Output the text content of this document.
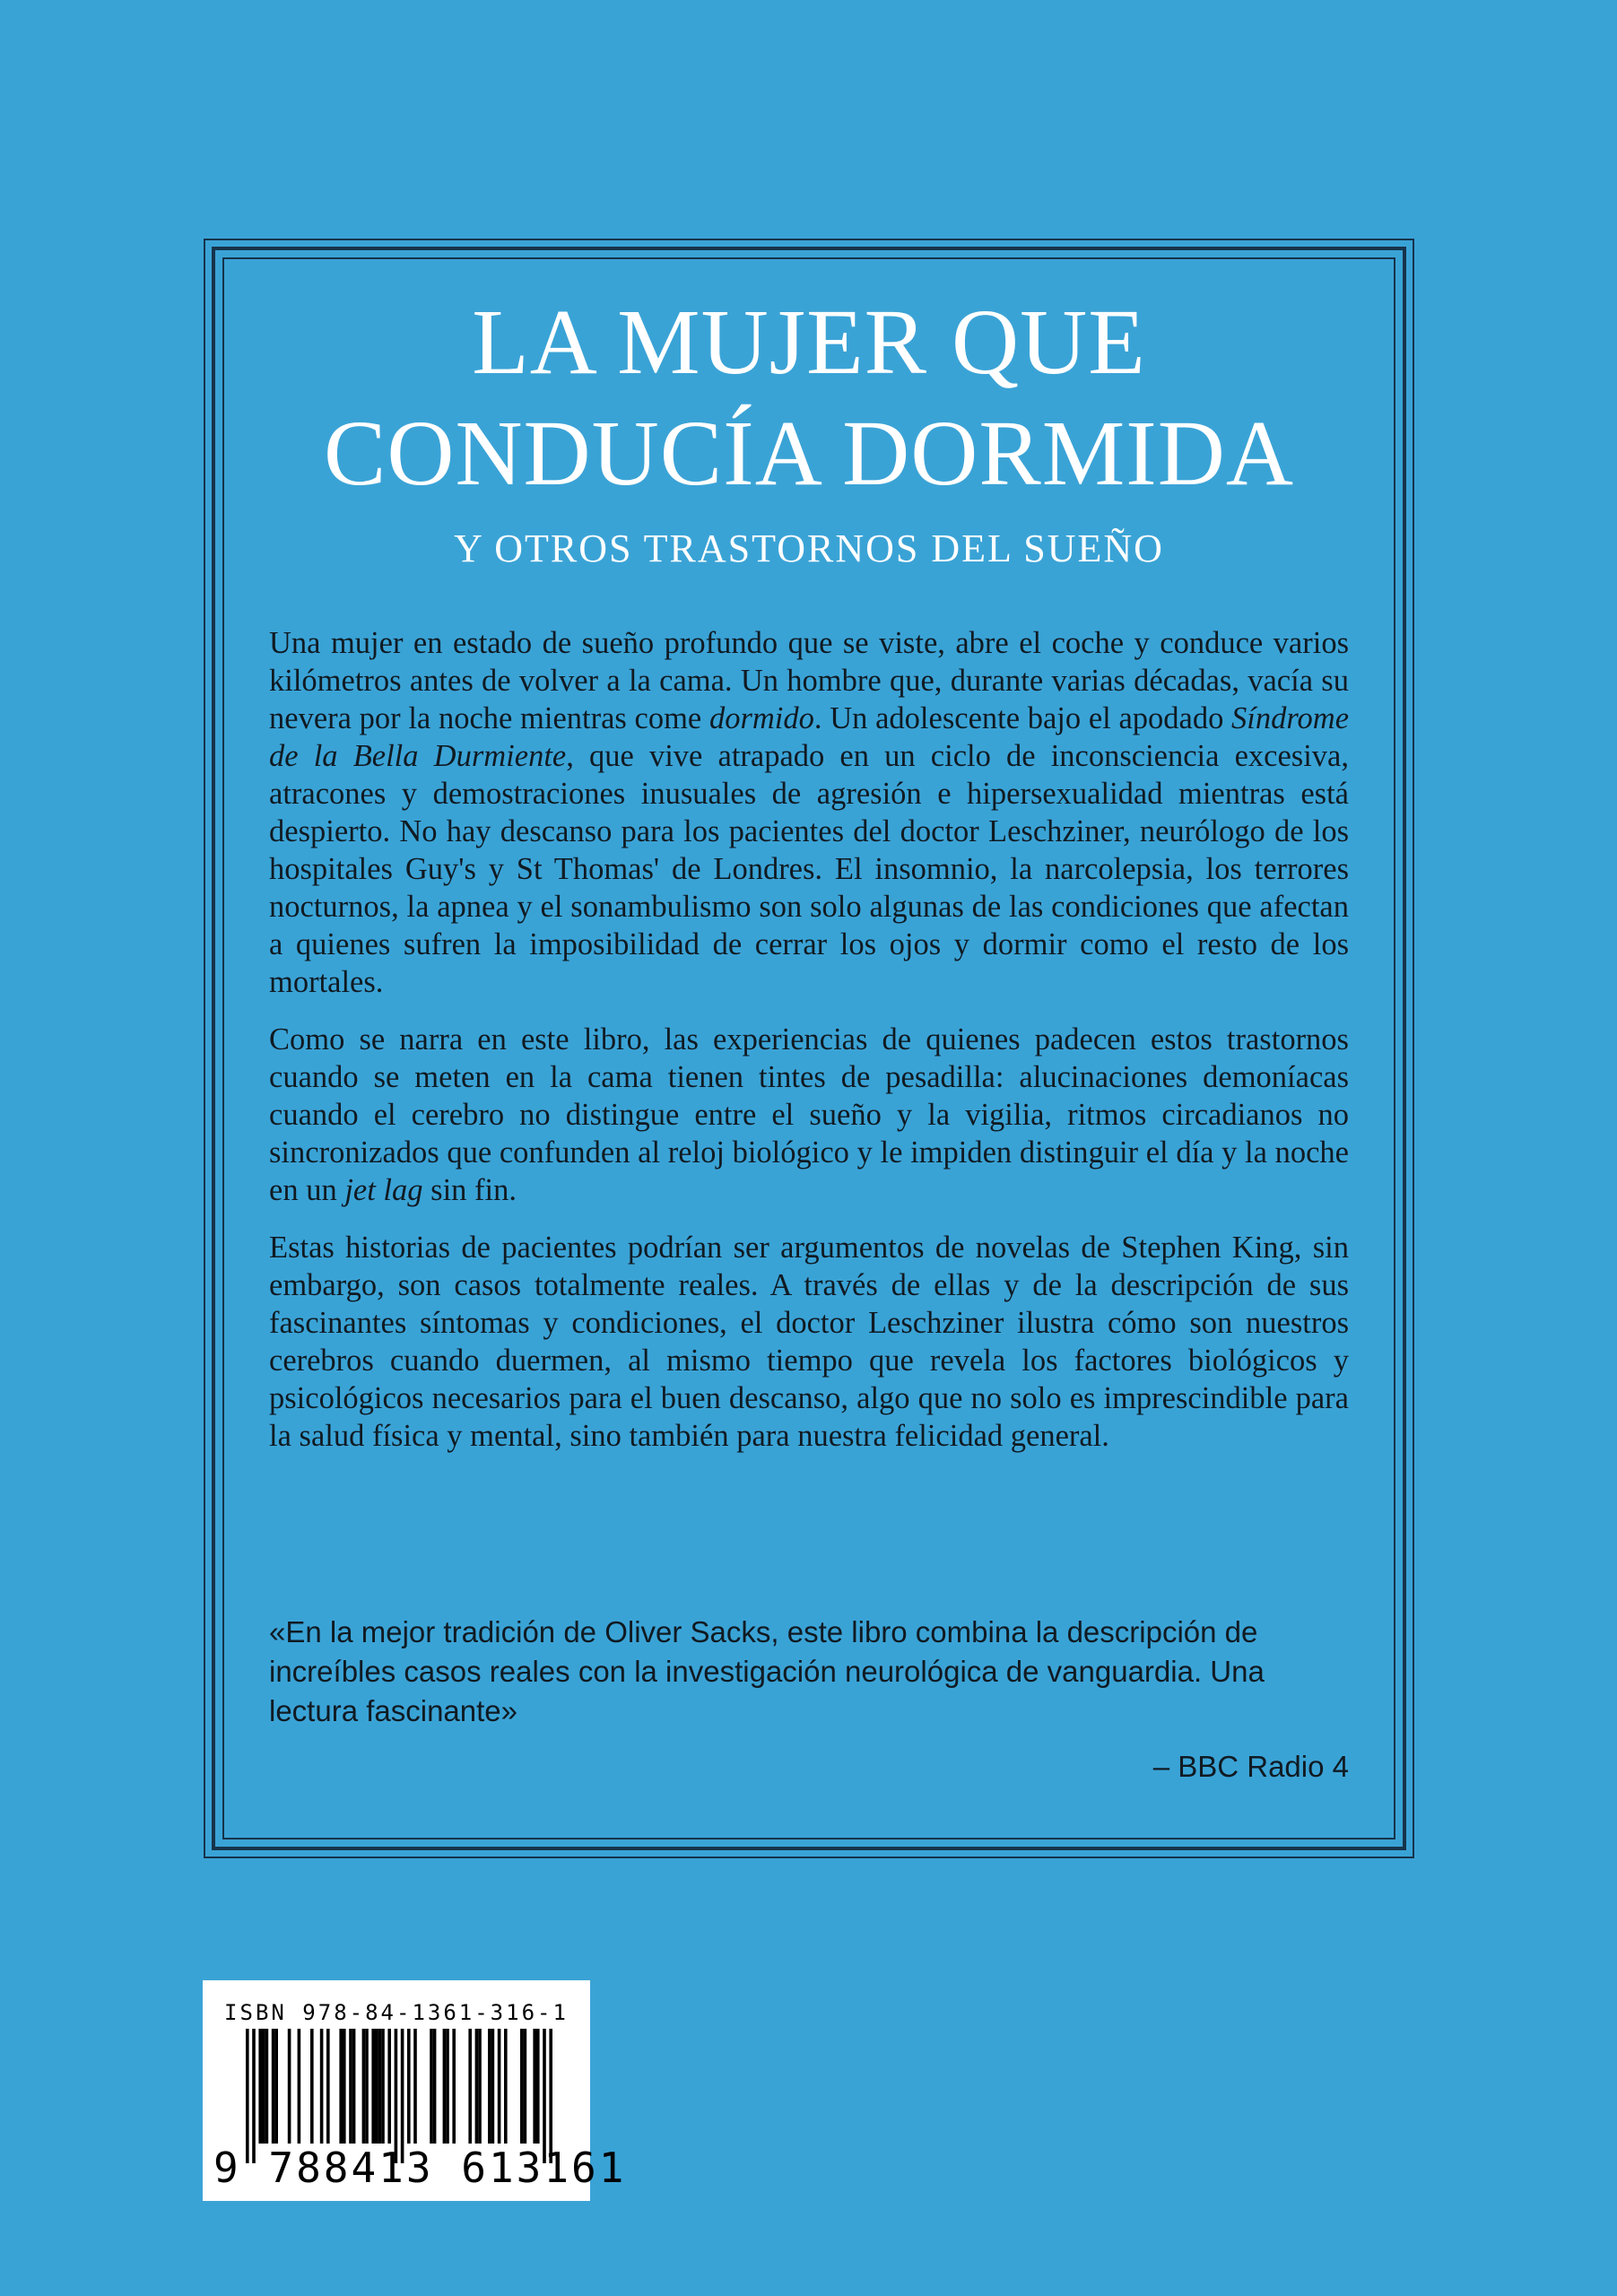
LA MUJER QUE
CONDUCÍA DORMIDA
Y OTROS TRASTORNOS DEL SUEÑO

Una mujer en estado de sueño profundo que se viste, abre el coche y conduce varios kilómetros antes de volver a la cama. Un hombre que, durante varias décadas, vacía su nevera por la noche mientras come dormido. Un adolescente bajo el apodado Síndrome de la Bella Durmiente, que vive atrapado en un ciclo de inconsciencia excesiva, atracones y demostraciones inusuales de agresión e hipersexualidad mientras está despierto. No hay descanso para los pacientes del doctor Leschziner, neurólogo de los hospitales Guy's y St Thomas' de Londres. El insomnio, la narcolepsia, los terrores nocturnos, la apnea y el sonambulismo son solo algunas de las condiciones que afectan a quienes sufren la imposibilidad de cerrar los ojos y dormir como el resto de los mortales.

Como se narra en este libro, las experiencias de quienes padecen estos trastornos cuando se meten en la cama tienen tintes de pesadilla: alucinaciones demoníacas cuando el cerebro no distingue entre el sueño y la vigilia, ritmos circadianos no sincronizados que confunden al reloj biológico y le impiden distinguir el día y la noche en un jet lag sin fin.

Estas historias de pacientes podrían ser argumentos de novelas de Stephen King, sin embargo, son casos totalmente reales. A través de ellas y de la descripción de sus fascinantes síntomas y condiciones, el doctor Leschziner ilustra cómo son nuestros cerebros cuando duermen, al mismo tiempo que revela los factores biológicos y psicológicos necesarios para el buen descanso, algo que no solo es imprescindible para la salud física y mental, sino también para nuestra felicidad general.

«En la mejor tradición de Oliver Sacks, este libro combina la descripción de increíbles casos reales con la investigación neurológica de vanguardia. Una lectura fascinante»

– BBC Radio 4

ISBN 978-84-1361-316-1
9 788413 613161
